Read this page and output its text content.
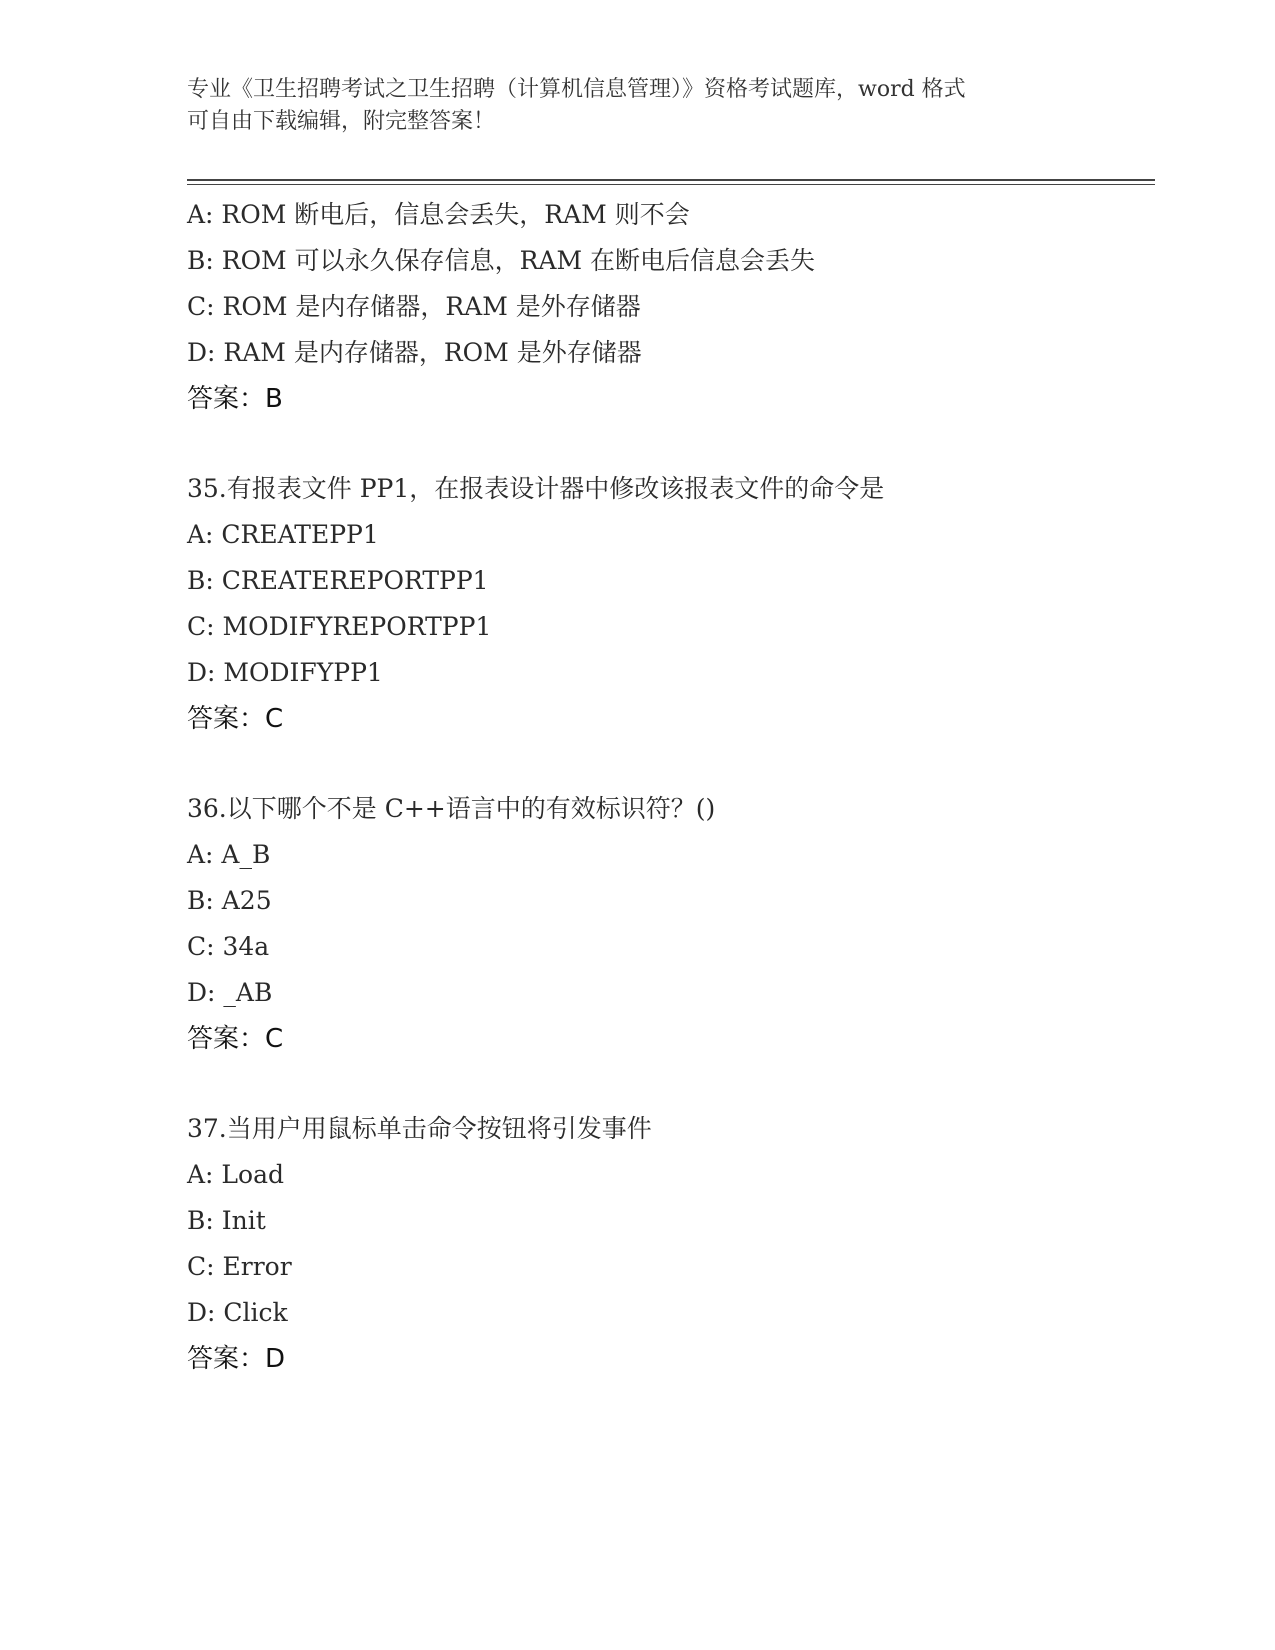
专业《卫生招聘考试之卫生招聘（计算机信息管理）》资格考试题库，word 格式
可自由下载编辑，附完整答案！
A: ROM 断电后，信息会丢失，RAM 则不会
B: ROM 可以永久保存信息，RAM 在断电后信息会丢失
C: ROM 是内存储器，RAM 是外存储器
D: RAM 是内存储器，ROM 是外存储器
答案：B
35.有报表文件 PP1，在报表设计器中修改该报表文件的命令是
A: CREATEPP1
B: CREATEREPORTPP1
C: MODIFYREPORTPP1
D: MODIFYPP1
答案：C
36.以下哪个不是 C++语言中的有效标识符？()
A: A_B
B: A25
C: 34a
D: _AB
答案：C
37.当用户用鼠标单击命令按钮将引发事件
A: Load
B: Init
C: Error
D: Click
答案：D
